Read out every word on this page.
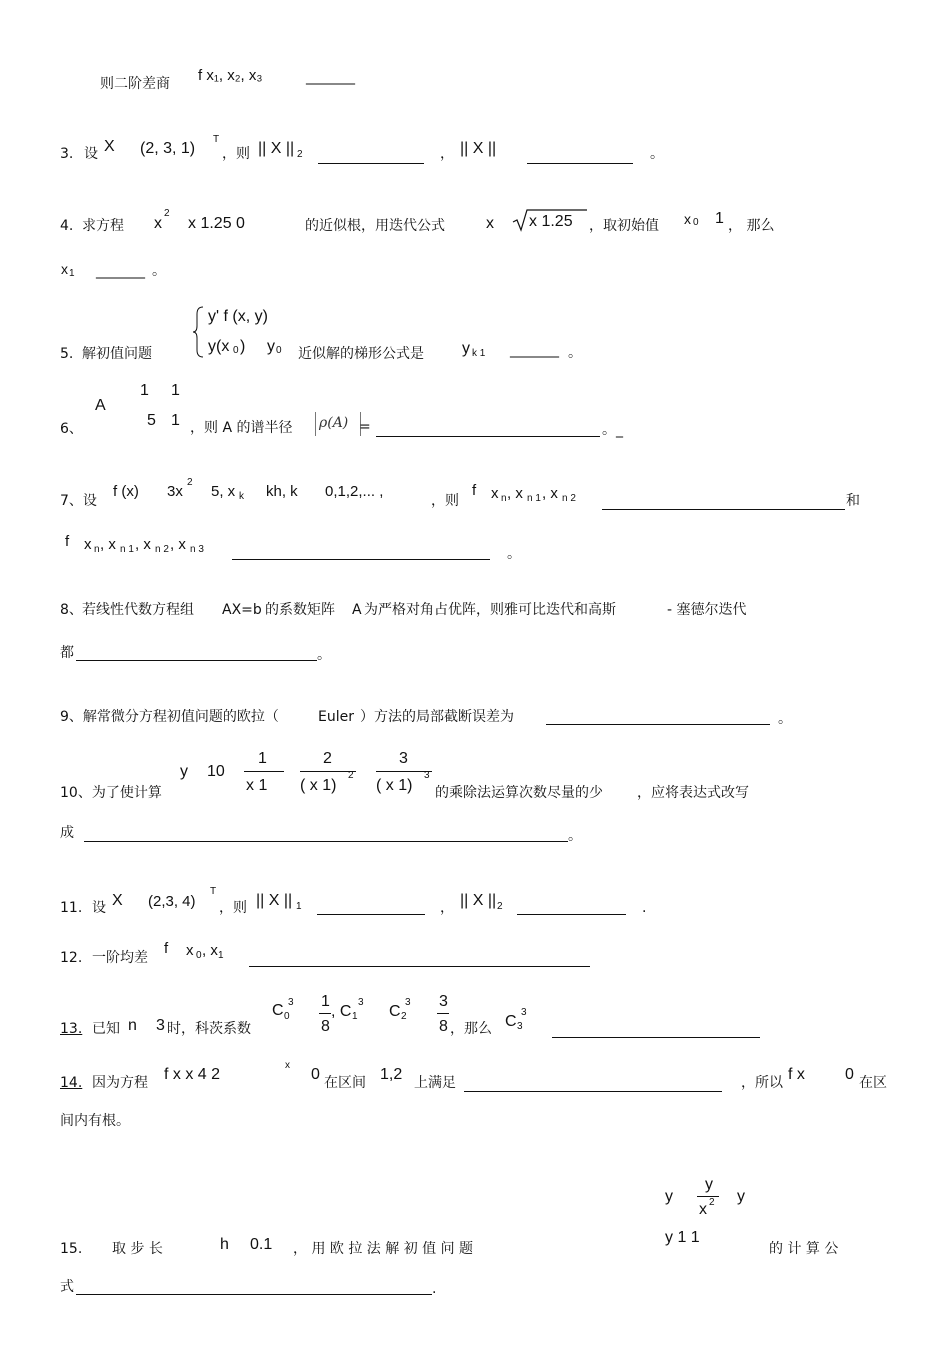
则二阶差商 f x₁, x₂, x₃	_______
3. 设 X (2, 3, 1)
T
，则 || X || 2	， || X ||	。
4. 求方程 x
2
x 1.25 0	的近似根，用迭代公式	x x 1.25 ，取初始值 x 0 1 ， 那么
x 1 _______ 。
y' f (x, y)
y(x 0 ) y 0
5. 解初值问题	近似解的梯形公式是 y k 1 _______ 。
A
1 1
5 1
6、	，则 A 的谱半径 ρ(A) =	。_
7、设
f (x) 3x
2
5, x k kh, k 0,1,2,... ,
，则
f x n , x n 1 , x n 2	和
f x n , x n 1 , x n 2 , x n 3	。
8、 若线性代数方程组 AX=b 的系数矩阵 A 为严格对角占优阵，则雅可比迭代和高斯	- 塞德尔迭代
都	。
9、解常微分方程初值问题的欧拉（	Euler ）方法的局部截断误差为	。
y 10
1
x 1
2
( x 1)
2
3
( x 1)
3
10、为了使计算	的乘除法运算次数尽量的少 ，应将表达式改写
成	。
11. 设 X (2,3, 4)
T
，则 || X || 1	， || X || 2	.
12. 一阶均差
f x 0 , x 1
13. 已知 n 3 时，科茨系数
C 0
3 1
8
, C 1
3
C 2
3 3
8 ，那么 C 3
3
14. 因为方程 f x x 4 2
x
0 在区间 1,2 上满足	，所以 f x	0 在区
间内有根。
y
y
x 2 y
y 1 1
15. 取 步 长	h 0.1 ， 用 欧 拉 法 解 初 值 问 题	的 计 算 公
式	.
